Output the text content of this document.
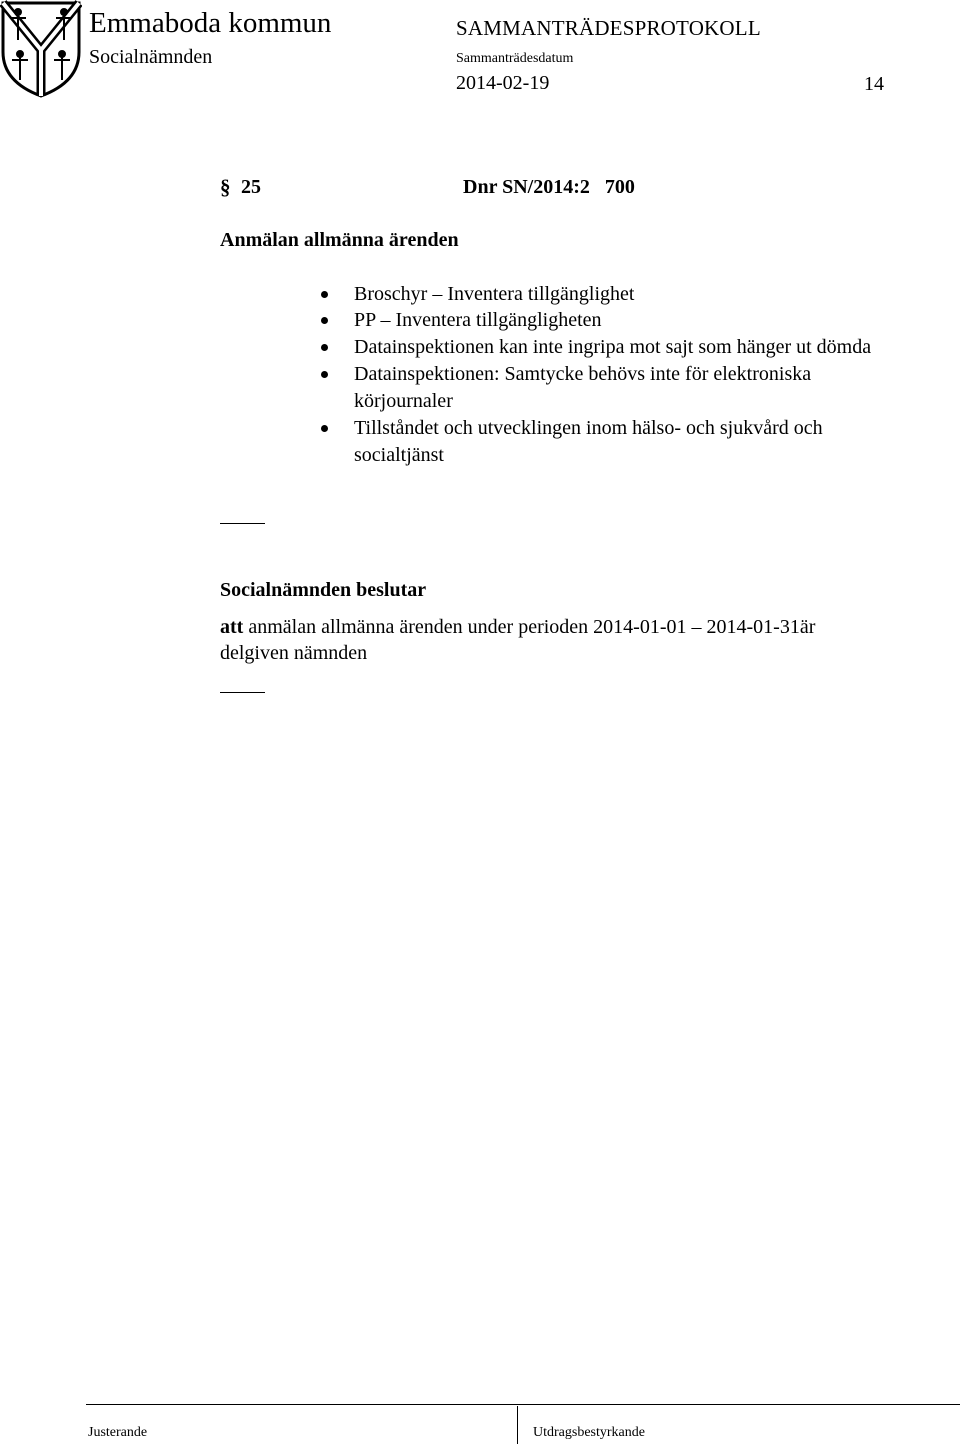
Emmaboda kommun
Socialnämnden
SAMMANTRÄDESPROTOKOLL
Sammanträdesdatum
2014-02-19	14
§ 25	Dnr SN/2014:2   700
Anmälan allmänna ärenden
Broschyr – Inventera tillgänglighet
PP – Inventera tillgängligheten
Datainspektionen kan inte ingripa mot sajt som hänger ut dömda
Datainspektionen: Samtycke behövs inte för elektroniska
körjournaler
Tillståndet och utvecklingen inom hälso- och sjukvård och
socialtjänst
Socialnämnden beslutar
att anmälan allmänna ärenden under perioden 2014-01-01 – 2014-01-31är
delgiven nämnden
Justerande	Utdragsbestyrkande
